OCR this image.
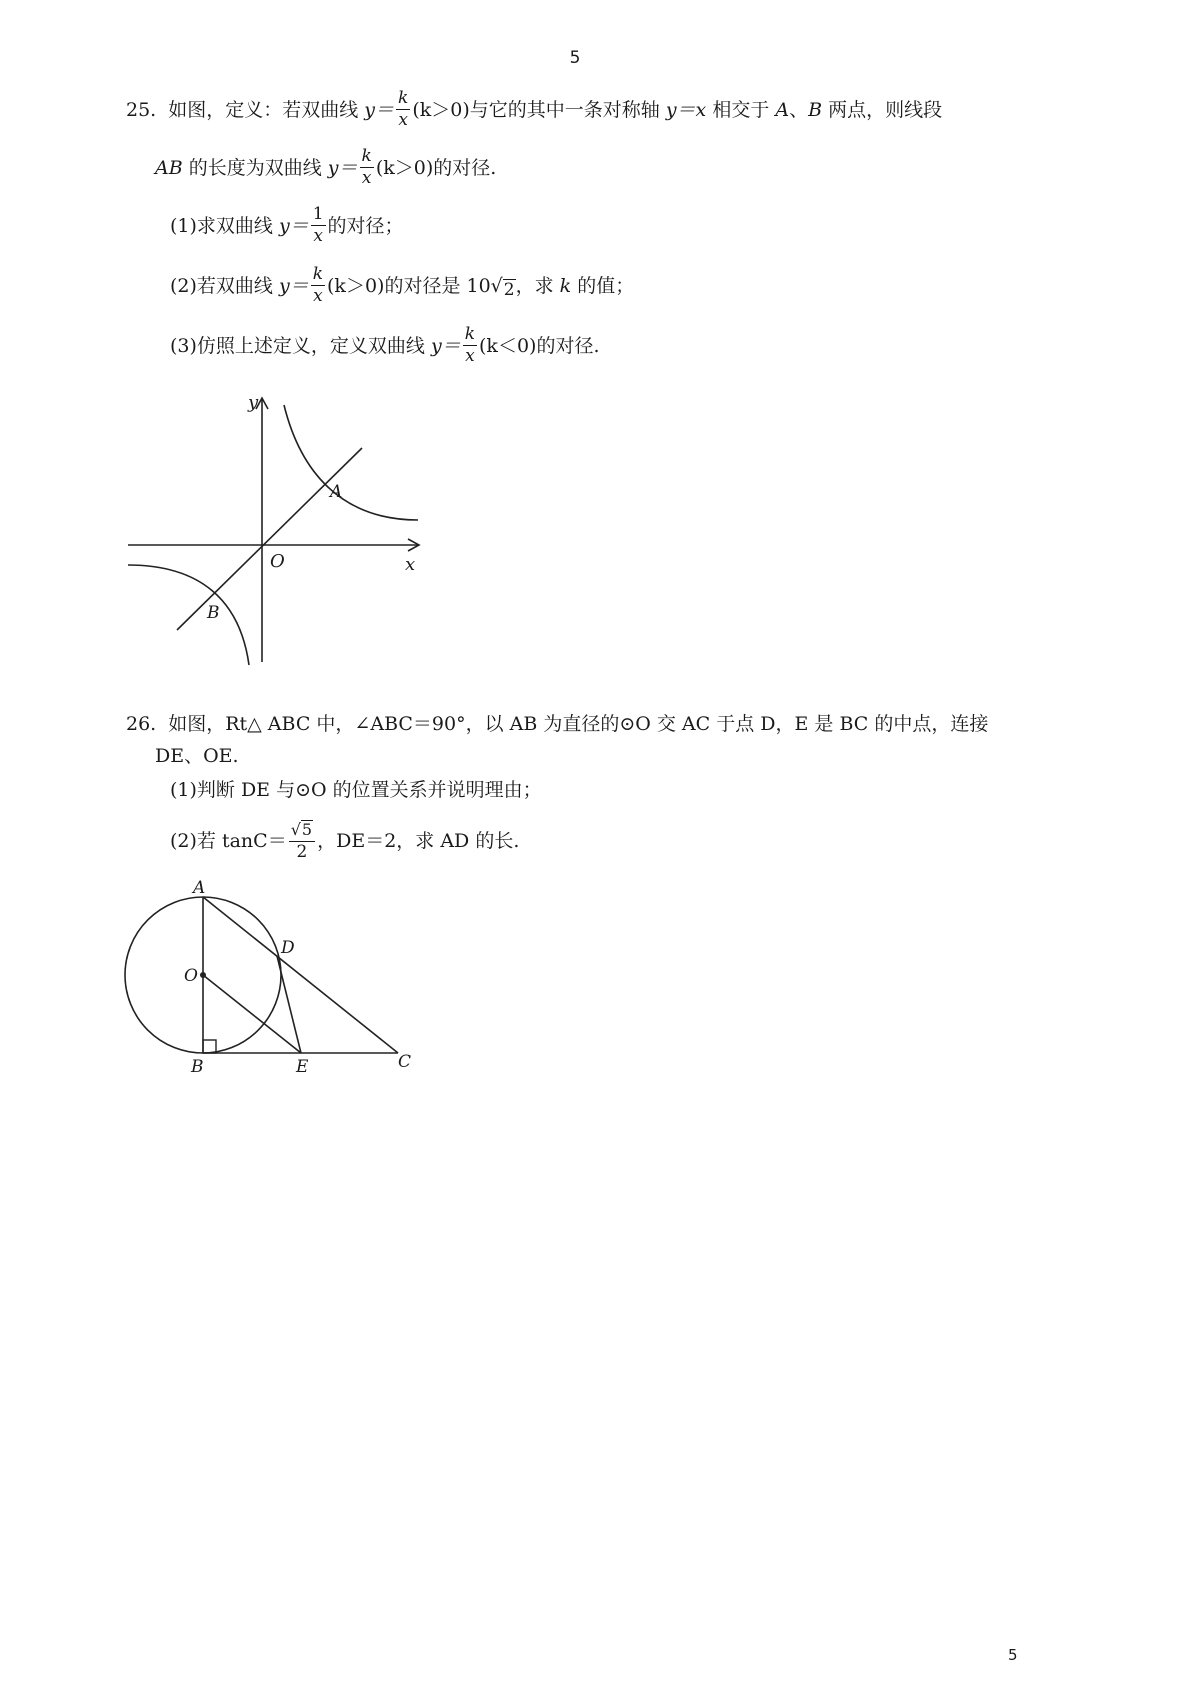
5
5
25. 如图，定义：若双曲线
$y= \frac{k}{x} (k>0)$ 与它的其中一条对称轴
y＝x
相交于
A 、 B
两点，则线段
AB
的长度为双曲线
$y= \frac{k}{x} (k>0)$ 的对径.
(1)求双曲线
$y= \frac{1}{x}$ 的对径；
(2)若双曲线
$y= \frac{k}{x} (k>0)$ 的对径是 10 √ 2 ，求
k
的值；
(3)仿照上述定义，定义双曲线
$y= \frac{k}{x} (k<0)$ 的对径.
y
x
O
A
B
26. 如图，Rt△ ABC 中，∠ABC＝90°，以 AB 为直径的⊙O 交 AC 于点 D，E 是 BC 的中点，连接
DE、OE.
(1)判断 DE 与⊙O 的位置关系并说明理由；
(2)若 $\tan C= \frac{√ 5}{2}$ ，DE＝2，求 AD 的长.
A
O
D
B	E	C
